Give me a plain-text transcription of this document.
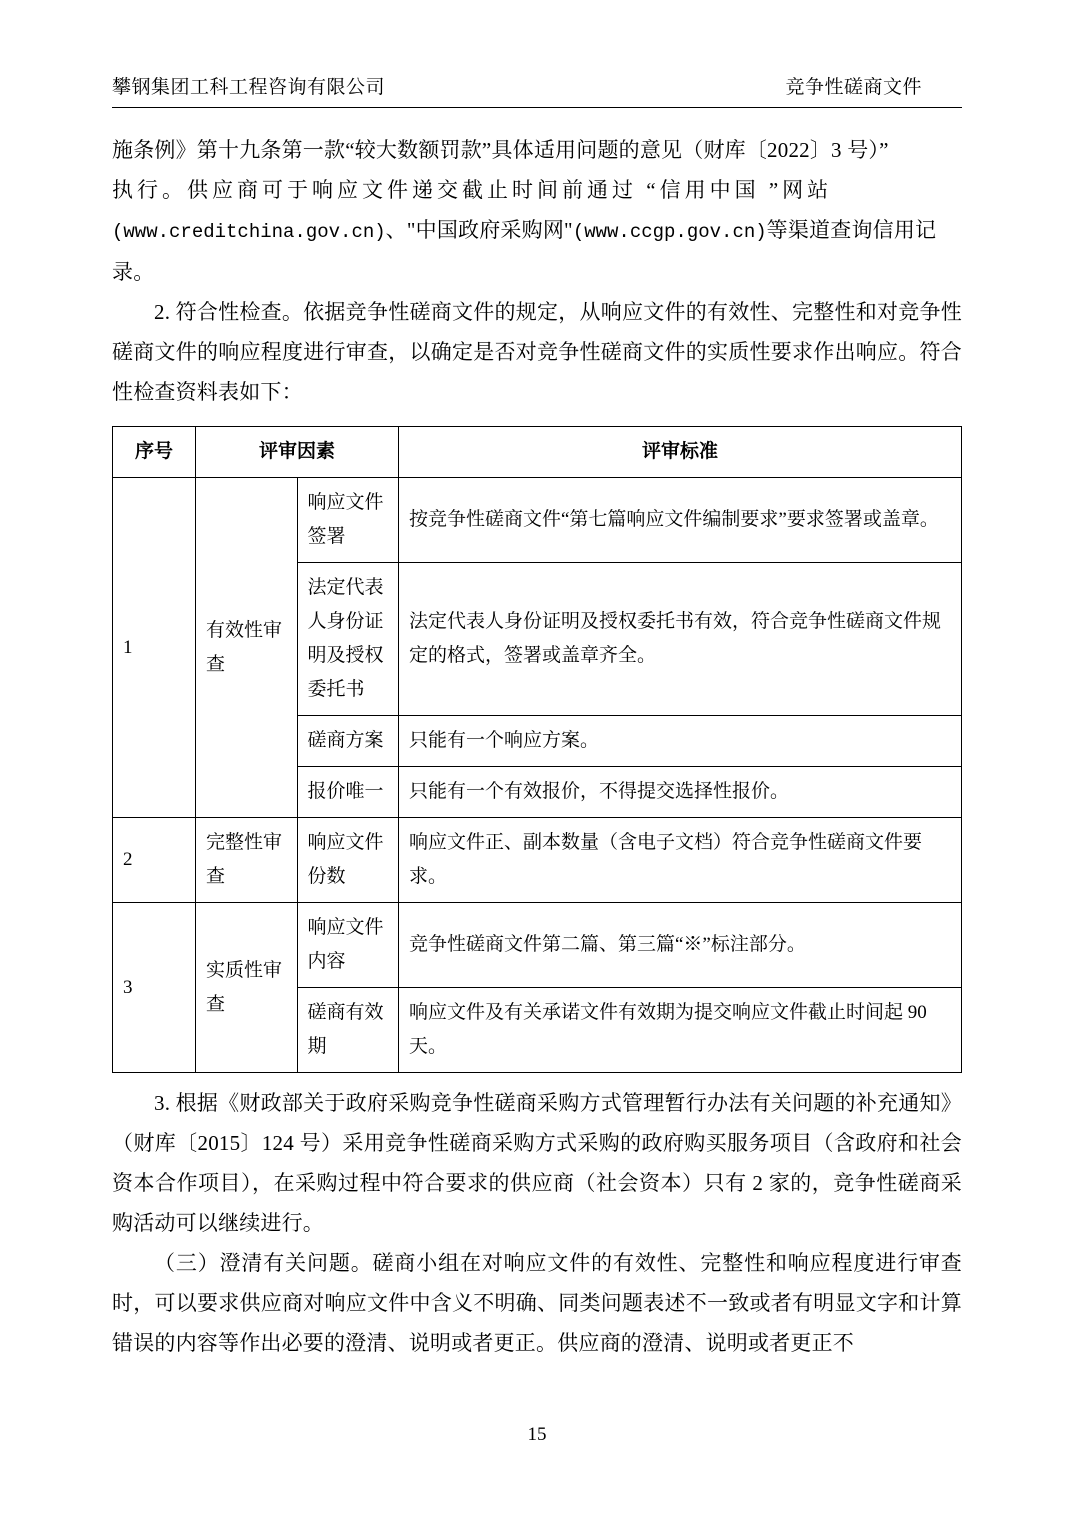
攀钢集团工科工程咨询有限公司	竞争性磋商文件

施条例》第十九条第一款“较大数额罚款”具体适用问题的意见（财库〔2022〕3 号）”
执行。供应商可于响应文件递交截止时间前通过 “信用中国 ”网站
(www.creditchina.gov.cn)、"中国政府采购网"(www.ccgp.gov.cn)等渠道查询信用记
录。

2. 符合性检查。依据竞争性磋商文件的规定，从响应文件的有效性、完整性和对竞争性磋商文件的响应程度进行审查，以确定是否对竞争性磋商文件的实质性要求作出响应。符合性检查资料表如下：

序号	评审因素		评审标准
1	有效性审查	响应文件签署	按竞争性磋商文件“第七篇响应文件编制要求”要求签署或盖章。
		法定代表人身份证明及授权委托书	法定代表人身份证明及授权委托书有效，符合竞争性磋商文件规定的格式，签署或盖章齐全。
		磋商方案	只能有一个响应方案。
		报价唯一	只能有一个有效报价，不得提交选择性报价。
2	完整性审查	响应文件份数	响应文件正、副本数量（含电子文档）符合竞争性磋商文件要求。
3	实质性审查	响应文件内容	竞争性磋商文件第二篇、第三篇“※”标注部分。
		磋商有效期	响应文件及有关承诺文件有效期为提交响应文件截止时间起 90 天。

3. 根据《财政部关于政府采购竞争性磋商采购方式管理暂行办法有关问题的补充通知》（财库〔2015〕124 号）采用竞争性磋商采购方式采购的政府购买服务项目（含政府和社会资本合作项目），在采购过程中符合要求的供应商（社会资本）只有 2 家的，竞争性磋商采购活动可以继续进行。

（三）澄清有关问题。磋商小组在对响应文件的有效性、完整性和响应程度进行审查时，可以要求供应商对响应文件中含义不明确、同类问题表述不一致或者有明显文字和计算错误的内容等作出必要的澄清、说明或者更正。供应商的澄清、说明或者更正不

15
